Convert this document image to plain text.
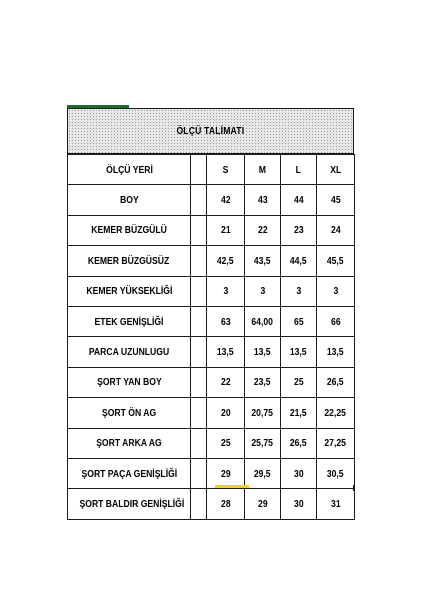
ÖLÇÜ TALİMATI
ÖLÇÜ YERİ		S	M	L	XL
BOY		42	43	44	45
KEMER BÜZGÜLÜ		21	22	23	24
KEMER BÜZGÜSÜZ		42,5	43,5	44,5	45,5
KEMER YÜKSEKLİĞİ		3	3	3	3
ETEK GENİŞLİĞİ		63	64,00	65	66
PARCA UZUNLUGU		13,5	13,5	13,5	13,5
ŞORT YAN BOY		22	23,5	25	26,5
ŞORT ÖN AG		20	20,75	21,5	22,25
ŞORT ARKA AG		25	25,75	26,5	27,25
ŞORT PAÇA GENİŞLİĞİ		29	29,5	30	30,5
ŞORT BALDIR GENİŞLİĞİ		28	29	30	31
